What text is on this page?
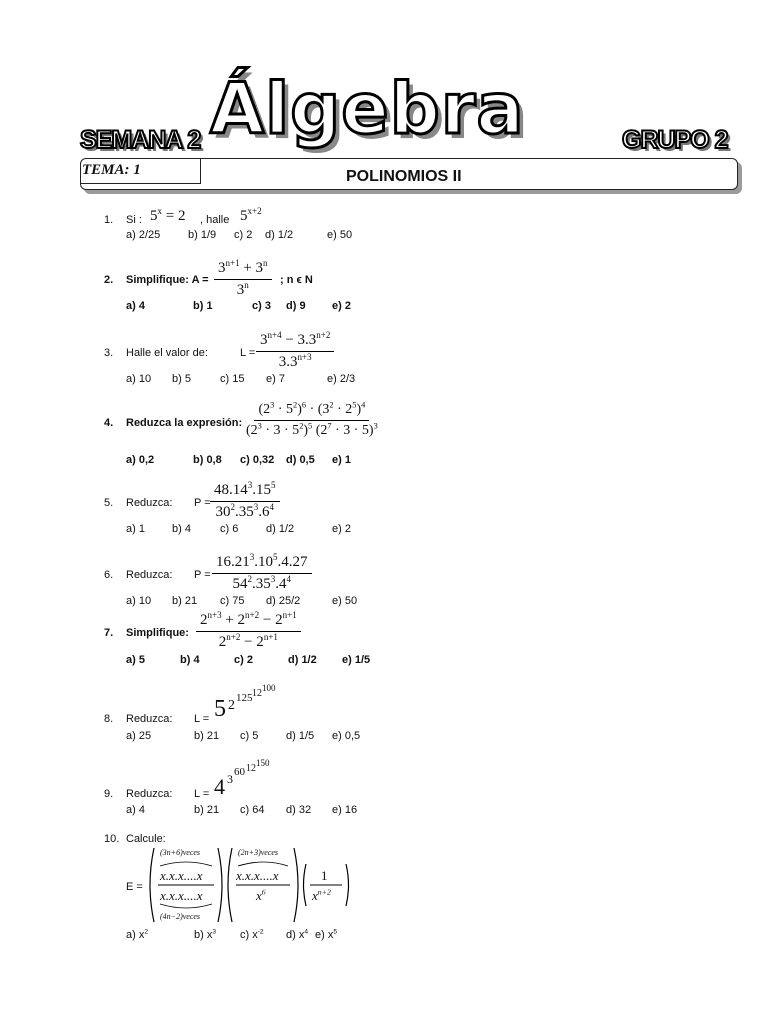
Álgebra
SEMANA 2	GRUPO 2
TEMA: 1	POLINOMIOS II
1. Si : $5^x = 2$ , halle $5^{x+2}$
a) 2/25	b) 1/9 c) 2 d) 1/2	e) 50
2. Simplifique: $A = \frac{3^{n+1} + 3^n}{3^n}$ ; n ϵ N
a) 4	b) 1	c) 3 d) 9 e) 2
3. Halle el valor de:	$L = \frac{3^{n+4} - 3.3^{n+2}}{3.3^{n+3}}$
a) 10 b) 5	c) 15 e) 7	e) 2/3
4. Reduzca la expresión: $\frac{(2^3 \cdot 5^2)^6 \cdot (3^2 \cdot 2^5)^4}{(2^3 \cdot 3 \cdot 5^2)^5 (2^7 \cdot 3 \cdot 5)^3}$
a) 0,2	b) 0,8 c) 0,32 d) 0,5 e) 1
5. Reduzca: $P = \frac{48.14^3.15^5}{30^2.35^3.6^4}$
a) 1 b) 4	c) 6	d) 1/2	e) 2
6. Reduzca: $P = \frac{16.21^3.10^5.4.27}{54^2.35^3.4^4}$
a) 10 b) 21 c) 75 d) 25/2	e) 50
7. Simplifique: $\frac{2^{n+3} + 2^{n+2} - 2^{n+1}}{2^{n+2} - 2^{n+1}}$
a) 5	b) 4	c) 2	d) 1/2 e) 1/5
8. Reduzca: L = 5 2 125 12 100
a) 25	b) 21 c) 5	d) 1/5 e) 0,5
9. Reduzca: L = 4 3 60 12 150
a) 4	b) 21 c) 64 d) 32 e) 16
10. Calcule:
E =
(3n+6)veces
x.x.x....x
x.x.x....x
(4n−2)veces
(2n+3)veces
x.x.x....x
$x^6$
1
$x^{n+2}$
a) $x^2$	b) $x^3$ c) $x^{-2}$ d) $x^4$ e) $x^5$
